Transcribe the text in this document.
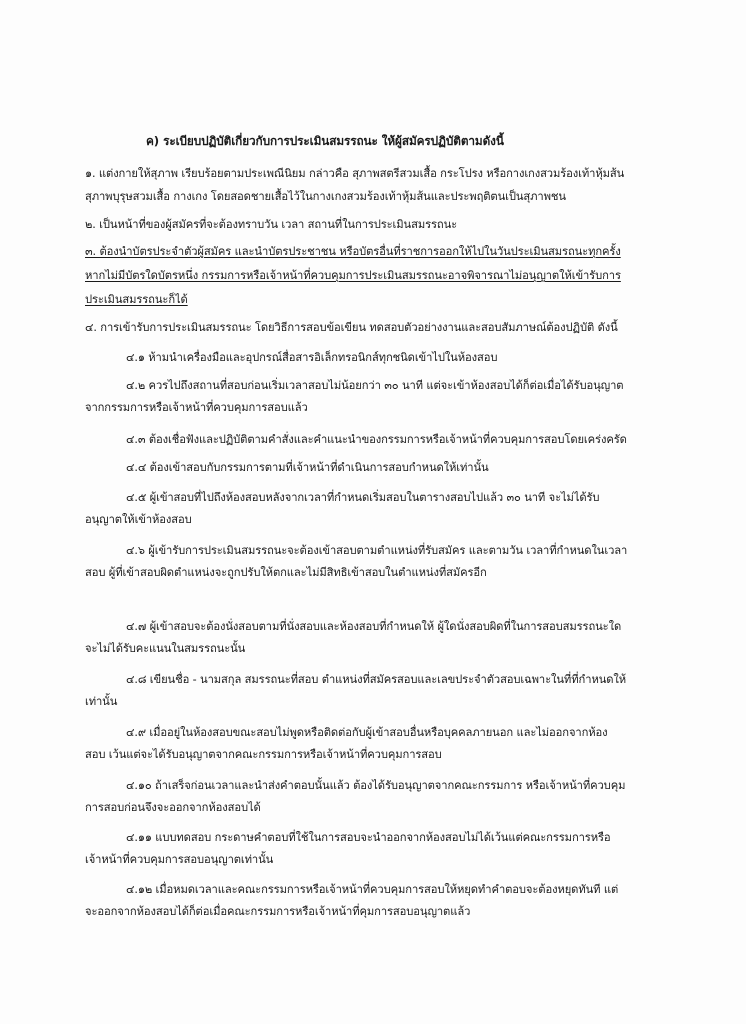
ค) ระเบียบปฏิบัติเกี่ยวกับการประเมินสมรรถนะ ให้ผู้สมัครปฏิบัติตามดังนี้
๑. แต่งกายให้สุภาพ เรียบร้อยตามประเพณีนิยม กล่าวคือ สุภาพสตรีสวมเสื้อ กระโปรง หรือกางเกงสวมร้องเท้าหุ้มส้น
สุภาพบุรุษสวมเสื้อ กางเกง โดยสอดชายเสื้อไว้ในกางเกงสวมร้องเท้าหุ้มส้นและประพฤติตนเป็นสุภาพชน
๒. เป็นหน้าที่ของผู้สมัครที่จะต้องทราบวัน เวลา สถานที่ในการประเมินสมรรถนะ
๓. ต้องนำบัตรประจำตัวผู้สมัคร และนำบัตรประชาชน หรือบัตรอื่นที่ราชการออกให้ไปในวันประเมินสมรถนะทุกครั้ง
หากไม่มีบัตรใดบัตรหนึ่ง กรรมการหรือเจ้าหน้าที่ควบคุมการประเมินสมรรถนะอาจพิจารณาไม่อนุญาตให้เข้ารับการ
ประเมินสมรรถนะก็ได้
๔. การเข้ารับการประเมินสมรรถนะ โดยวิธีการสอบข้อเขียน ทดสอบตัวอย่างงานและสอบสัมภาษณ์ต้องปฏิบัติ ดังนี้
๔.๑ ห้ามนำเครื่องมือและอุปกรณ์สื่อสารอิเล็กทรอนิกส์ทุกชนิดเข้าไปในห้องสอบ
๔.๒ ควรไปถึงสถานที่สอบก่อนเริ่มเวลาสอบไม่น้อยกว่า ๓๐ นาที แต่จะเข้าห้องสอบได้ก็ต่อเมื่อได้รับอนุญาต
จากกรรมการหรือเจ้าหน้าที่ควบคุมการสอบแล้ว
๔.๓ ต้องเชื่อฟังและปฏิบัติตามคำสั่งและคำแนะนำของกรรมการหรือเจ้าหน้าที่ควบคุมการสอบโดยเคร่งครัด
๔.๔ ต้องเข้าสอบกับกรรมการตามที่เจ้าหน้าที่ดำเนินการสอบกำหนดให้เท่านั้น
๔.๕ ผู้เข้าสอบที่ไปถึงห้องสอบหลังจากเวลาที่กำหนดเริ่มสอบในตารางสอบไปแล้ว ๓๐ นาที จะไม่ได้รับ
อนุญาตให้เข้าห้องสอบ
๔.๖ ผู้เข้ารับการประเมินสมรรถนะจะต้องเข้าสอบตามตำแหน่งที่รับสมัคร และตามวัน เวลาที่กำหนดในเวลา
สอบ ผู้ที่เข้าสอบผิดตำแหน่งจะถูกปรับให้ตกและไม่มีสิทธิเข้าสอบในตำแหน่งที่สมัครอีก
๔.๗ ผู้เข้าสอบจะต้องนั่งสอบตามที่นั่งสอบและห้องสอบที่กำหนดให้ ผู้ใดนั่งสอบผิดที่ในการสอบสมรรถนะใด
จะไม่ได้รับคะแนนในสมรรถนะนั้น
๔.๘ เขียนชื่อ - นามสกุล สมรรถนะที่สอบ ตำแหน่งที่สมัครสอบและเลขประจำตัวสอบเฉพาะในที่ที่กำหนดให้
เท่านั้น
๔.๙ เมื่ออยู่ในห้องสอบขณะสอบไม่พูดหรือติดต่อกับผู้เข้าสอบอื่นหรือบุคคลภายนอก และไม่ออกจากห้อง
สอบ เว้นแต่จะได้รับอนุญาตจากคณะกรรมการหรือเจ้าหน้าที่ควบคุมการสอบ
๔.๑๐ ถ้าเสร็จก่อนเวลาและนำส่งคำตอบนั้นแล้ว ต้องได้รับอนุญาตจากคณะกรรมการ หรือเจ้าหน้าที่ควบคุม
การสอบก่อนจึงจะออกจากห้องสอบได้
๔.๑๑ แบบทดสอบ กระดาษคำตอบที่ใช้ในการสอบจะนำออกจากห้องสอบไม่ได้เว้นแต่คณะกรรมการหรือ
เจ้าหน้าที่ควบคุมการสอบอนุญาตเท่านั้น
๔.๑๒ เมื่อหมดเวลาและคณะกรรมการหรือเจ้าหน้าที่ควบคุมการสอบให้หยุดทำคำตอบจะต้องหยุดทันที แต่
จะออกจากห้องสอบได้ก็ต่อเมื่อคณะกรรมการหรือเจ้าหน้าที่คุมการสอบอนุญาตแล้ว
